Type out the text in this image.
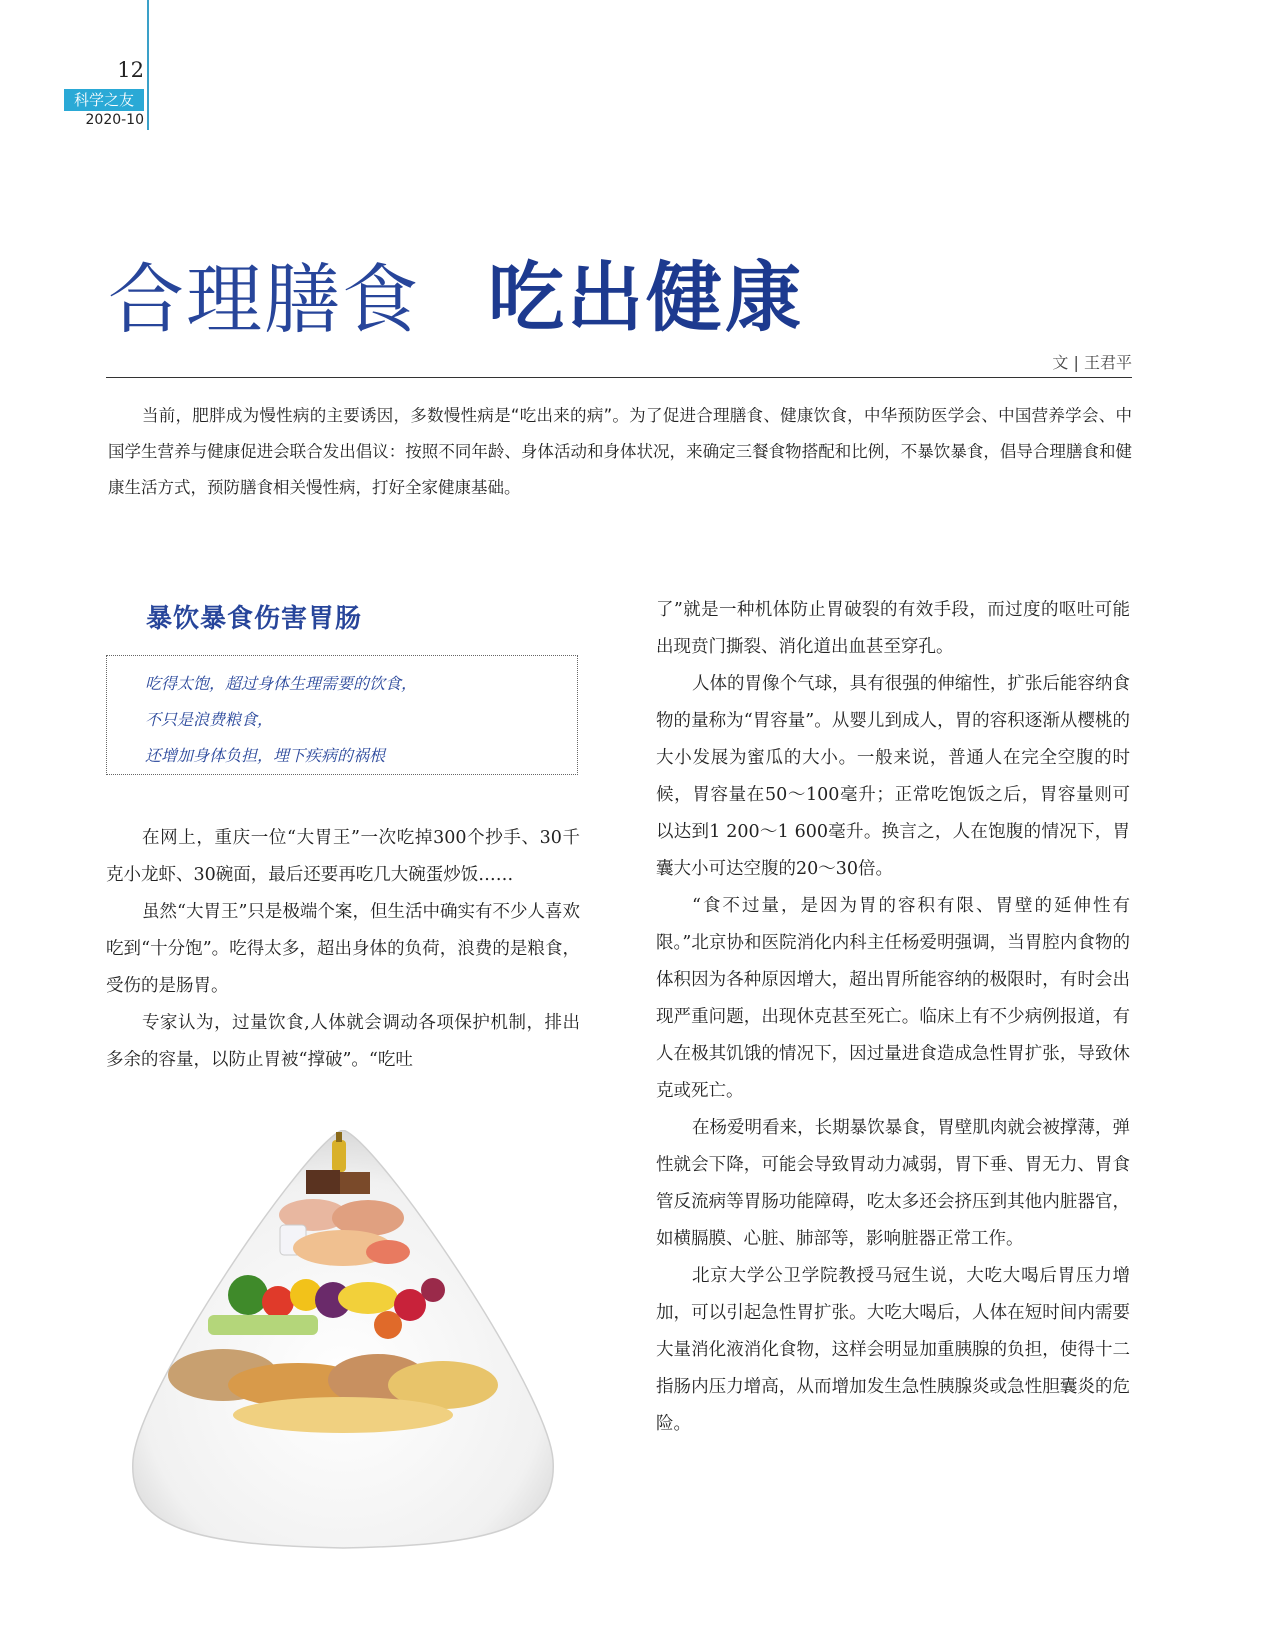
12
科学之友
2020-10
合理膳食 吃出健康
文 | 王君平
当前，肥胖成为慢性病的主要诱因，多数慢性病是“吃出来的病”。为了促进合理膳食、健康饮食，中华预防医学会、中国营养学会、中国学生营养与健康促进会联合发出倡议：按照不同年龄、身体活动和身体状况，来确定三餐食物搭配和比例，不暴饮暴食，倡导合理膳食和健康生活方式，预防膳食相关慢性病，打好全家健康基础。
暴饮暴食伤害胃肠
吃得太饱，超过身体生理需要的饮食，
不只是浪费粮食，
还增加身体负担，埋下疾病的祸根

在网上，重庆一位“大胃王”一次吃掉300个抄手、30千克小龙虾、30碗面，最后还要再吃几大碗蛋炒饭……

虽然“大胃王”只是极端个案，但生活中确实有不少人喜欢吃到“十分饱”。吃得太多，超出身体的负荷，浪费的是粮食，受伤的是肠胃。

专家认为，过量饮食,人体就会调动各项保护机制，排出多余的容量，以防止胃被“撑破”。“吃吐

了”就是一种机体防止胃破裂的有效手段，而过度的呕吐可能出现贲门撕裂、消化道出血甚至穿孔。

人体的胃像个气球，具有很强的伸缩性，扩张后能容纳食物的量称为“胃容量”。从婴儿到成人，胃的容积逐渐从樱桃的大小发展为蜜瓜的大小。一般来说，普通人在完全空腹的时候，胃容量在50～100毫升；正常吃饱饭之后，胃容量则可以达到1 200～1 600毫升。换言之，人在饱腹的情况下，胃囊大小可达空腹的20～30倍。

“食不过量，是因为胃的容积有限、胃壁的延伸性有限。”北京协和医院消化内科主任杨爱明强调，当胃腔内食物的体积因为各种原因增大，超出胃所能容纳的极限时，有时会出现严重问题，出现休克甚至死亡。临床上有不少病例报道，有人在极其饥饿的情况下，因过量进食造成急性胃扩张，导致休克或死亡。

在杨爱明看来，长期暴饮暴食，胃壁肌肉就会被撑薄，弹性就会下降，可能会导致胃动力减弱，胃下垂、胃无力、胃食管反流病等胃肠功能障碍，吃太多还会挤压到其他内脏器官，如横膈膜、心脏、肺部等，影响脏器正常工作。

北京大学公卫学院教授马冠生说，大吃大喝后胃压力增加，可以引起急性胃扩张。大吃大喝后，人体在短时间内需要大量消化液消化食物，这样会明显加重胰腺的负担，使得十二指肠内压力增高，从而增加发生急性胰腺炎或急性胆囊炎的危险。
